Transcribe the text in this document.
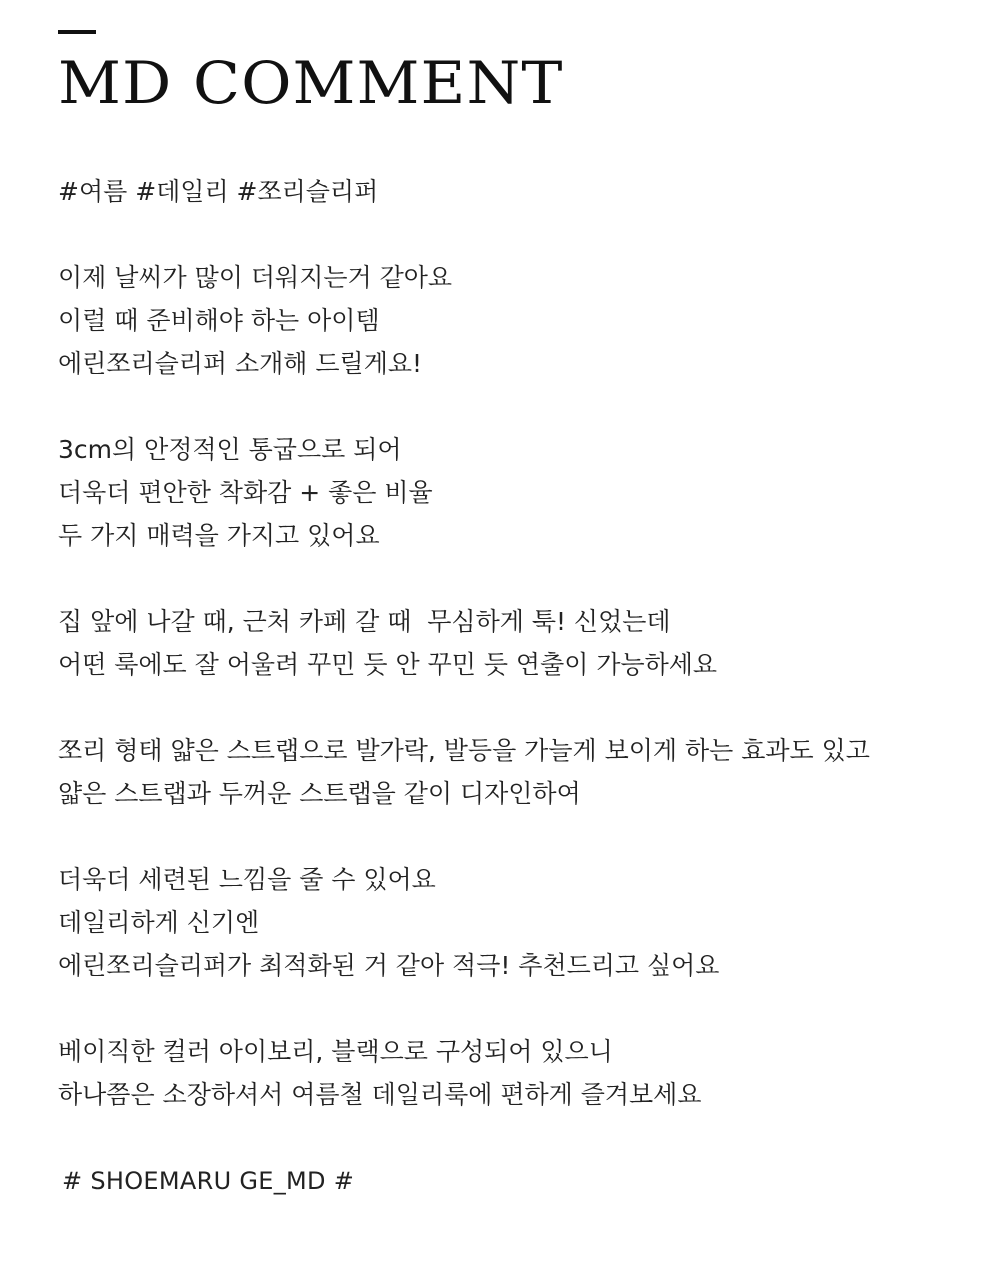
MD COMMENT
#여름 #데일리 #쪼리슬리퍼
이제 날씨가 많이 더워지는거 같아요
이럴 때 준비해야 하는 아이템
에린쪼리슬리퍼 소개해 드릴게요!
3cm의 안정적인 통굽으로 되어
더욱더 편안한 착화감 + 좋은 비율
두 가지 매력을 가지고 있어요
집 앞에 나갈 때, 근처 카페 갈 때  무심하게 툭! 신었는데
어떤 룩에도 잘 어울려 꾸민 듯 안 꾸민 듯 연출이 가능하세요
쪼리 형태 얇은 스트랩으로 발가락, 발등을 가늘게 보이게 하는 효과도 있고
얇은 스트랩과 두꺼운 스트랩을 같이 디자인하여
더욱더 세련된 느낌을 줄 수 있어요
데일리하게 신기엔
에린쪼리슬리퍼가 최적화된 거 같아 적극! 추천드리고 싶어요
베이직한 컬러 아이보리, 블랙으로 구성되어 있으니
하나쯤은 소장하셔서 여름철 데일리룩에 편하게 즐겨보세요

# SHOEMARU GE_MD #
